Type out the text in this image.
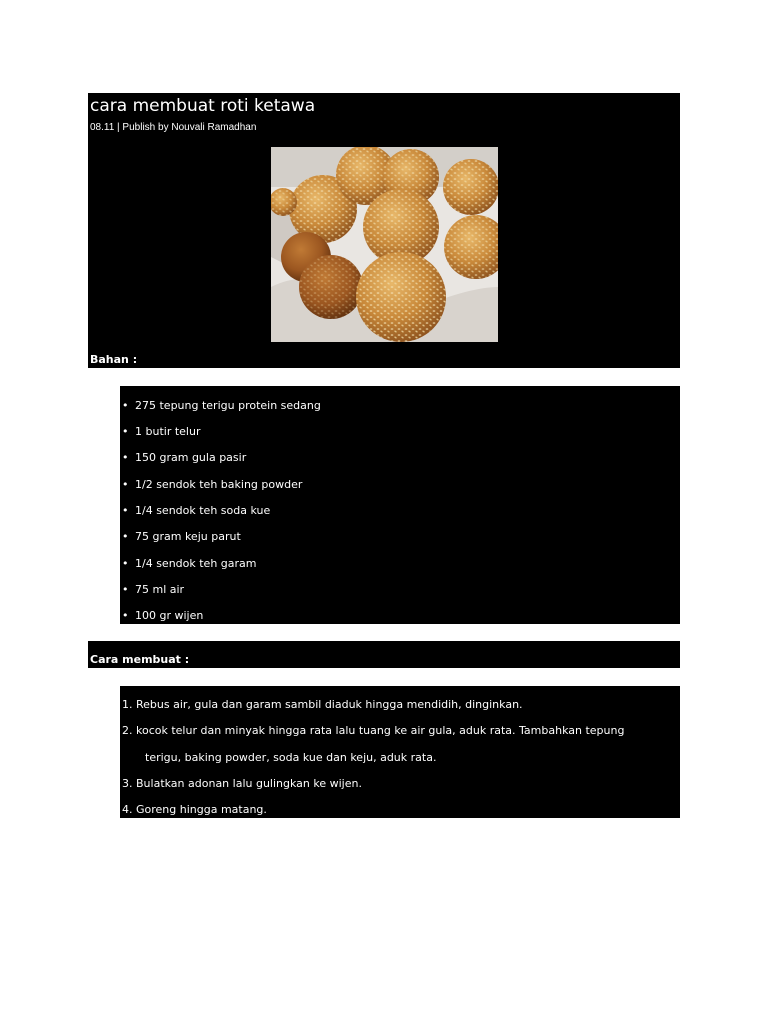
cara membuat roti ketawa
08.11 | Publish by Nouvali Ramadhan
Bahan :
• 275 tepung terigu protein sedang
• 1 butir telur
• 150 gram gula pasir
• 1/2 sendok teh baking powder
• 1/4 sendok teh soda kue
• 75 gram keju parut
• 1/4 sendok teh garam
• 75 ml air
• 100 gr wijen
Cara membuat :
1. Rebus air, gula dan garam sambil diaduk hingga mendidih, dinginkan.
2. kocok telur dan minyak hingga rata lalu tuang ke air gula, aduk rata. Tambahkan tepung
terigu, baking powder, soda kue dan keju, aduk rata.
3. Bulatkan adonan lalu gulingkan ke wijen.
4. Goreng hingga matang.
